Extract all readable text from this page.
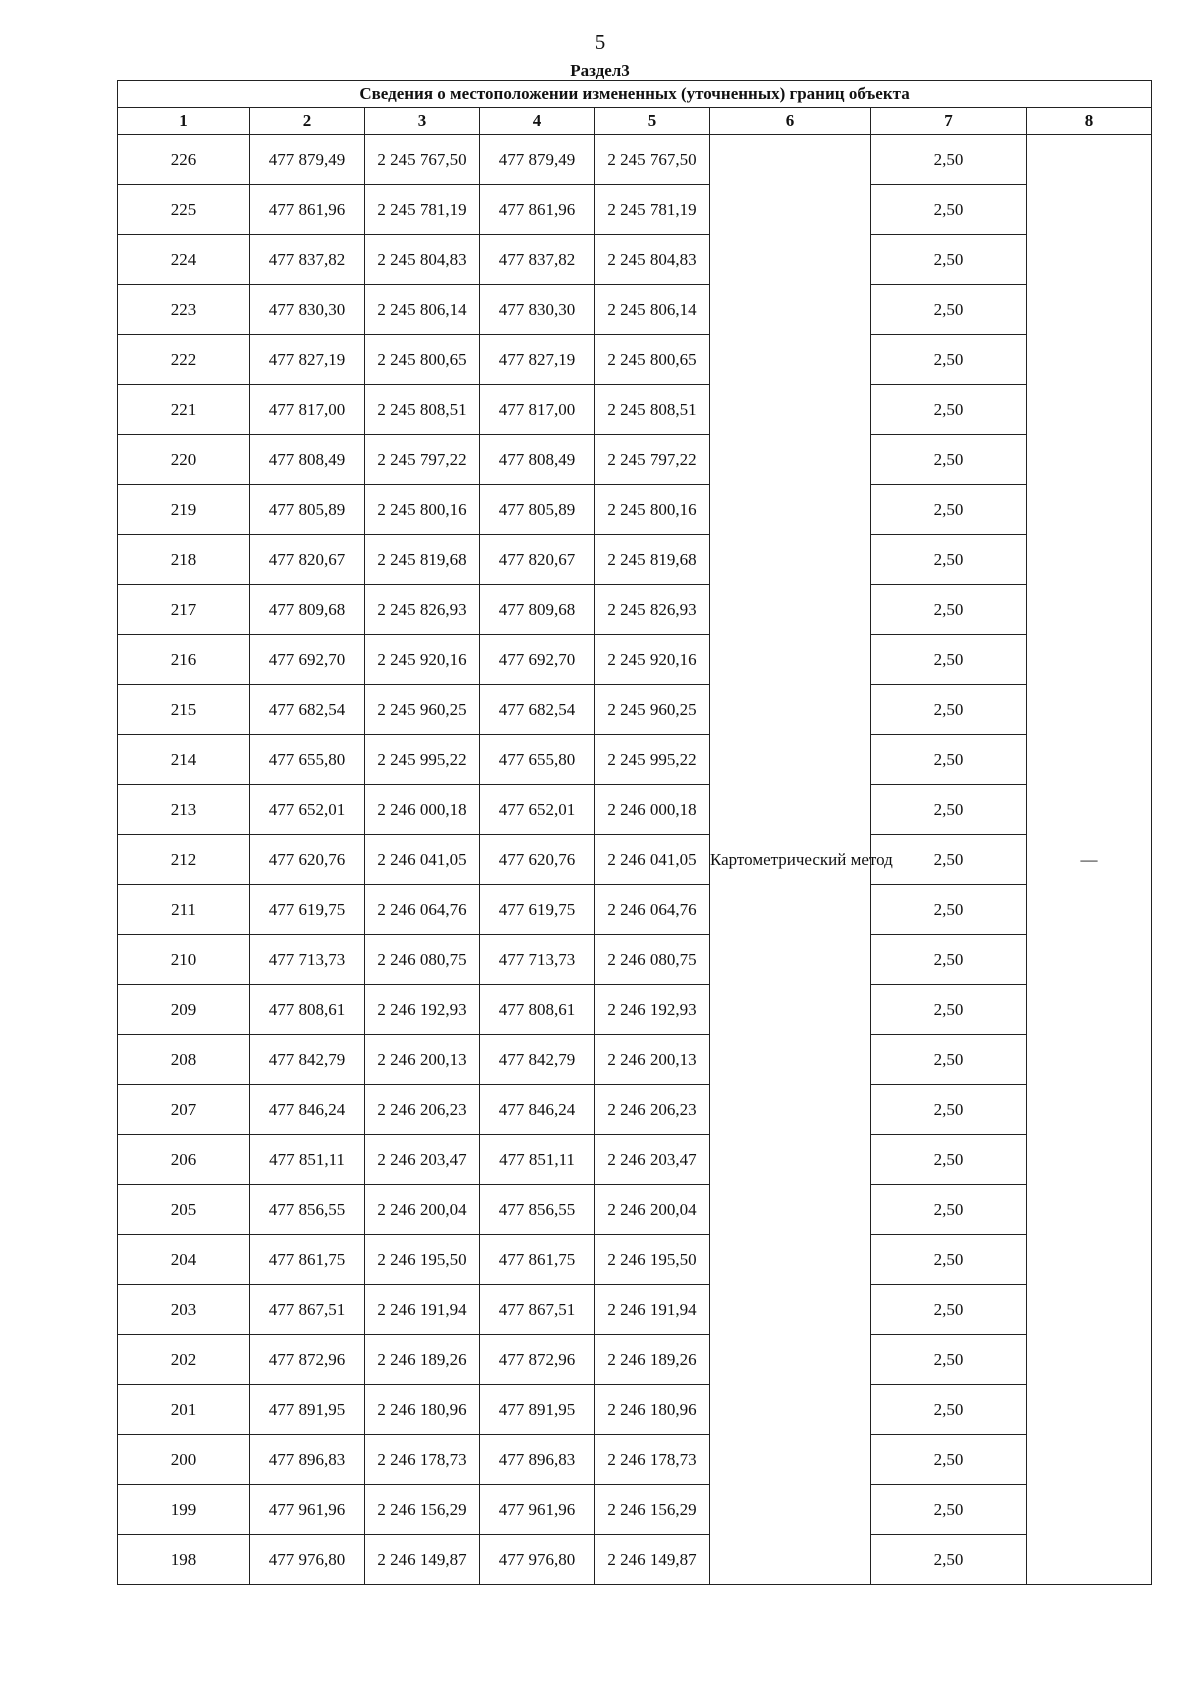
5
Раздел3
Сведения о местоположении измененных (уточненных) границ объекта							
1	2	3	4	5	6	7	8
226	477 879,49	2 245 767,50	477 879,49	2 245 767,50	Картометрический метод	2,50	—
225	477 861,96	2 245 781,19	477 861,96	2 245 781,19		2,50	
224	477 837,82	2 245 804,83	477 837,82	2 245 804,83		2,50	
223	477 830,30	2 245 806,14	477 830,30	2 245 806,14		2,50	
222	477 827,19	2 245 800,65	477 827,19	2 245 800,65		2,50	
221	477 817,00	2 245 808,51	477 817,00	2 245 808,51		2,50	
220	477 808,49	2 245 797,22	477 808,49	2 245 797,22		2,50	
219	477 805,89	2 245 800,16	477 805,89	2 245 800,16		2,50	
218	477 820,67	2 245 819,68	477 820,67	2 245 819,68		2,50	
217	477 809,68	2 245 826,93	477 809,68	2 245 826,93		2,50	
216	477 692,70	2 245 920,16	477 692,70	2 245 920,16		2,50	
215	477 682,54	2 245 960,25	477 682,54	2 245 960,25		2,50	
214	477 655,80	2 245 995,22	477 655,80	2 245 995,22		2,50	
213	477 652,01	2 246 000,18	477 652,01	2 246 000,18		2,50	
212	477 620,76	2 246 041,05	477 620,76	2 246 041,05		2,50	
211	477 619,75	2 246 064,76	477 619,75	2 246 064,76		2,50	
210	477 713,73	2 246 080,75	477 713,73	2 246 080,75		2,50	
209	477 808,61	2 246 192,93	477 808,61	2 246 192,93		2,50	
208	477 842,79	2 246 200,13	477 842,79	2 246 200,13		2,50	
207	477 846,24	2 246 206,23	477 846,24	2 246 206,23		2,50	
206	477 851,11	2 246 203,47	477 851,11	2 246 203,47		2,50	
205	477 856,55	2 246 200,04	477 856,55	2 246 200,04		2,50	
204	477 861,75	2 246 195,50	477 861,75	2 246 195,50		2,50	
203	477 867,51	2 246 191,94	477 867,51	2 246 191,94		2,50	
202	477 872,96	2 246 189,26	477 872,96	2 246 189,26		2,50	
201	477 891,95	2 246 180,96	477 891,95	2 246 180,96		2,50	
200	477 896,83	2 246 178,73	477 896,83	2 246 178,73		2,50	
199	477 961,96	2 246 156,29	477 961,96	2 246 156,29		2,50	
198	477 976,80	2 246 149,87	477 976,80	2 246 149,87		2,50	
